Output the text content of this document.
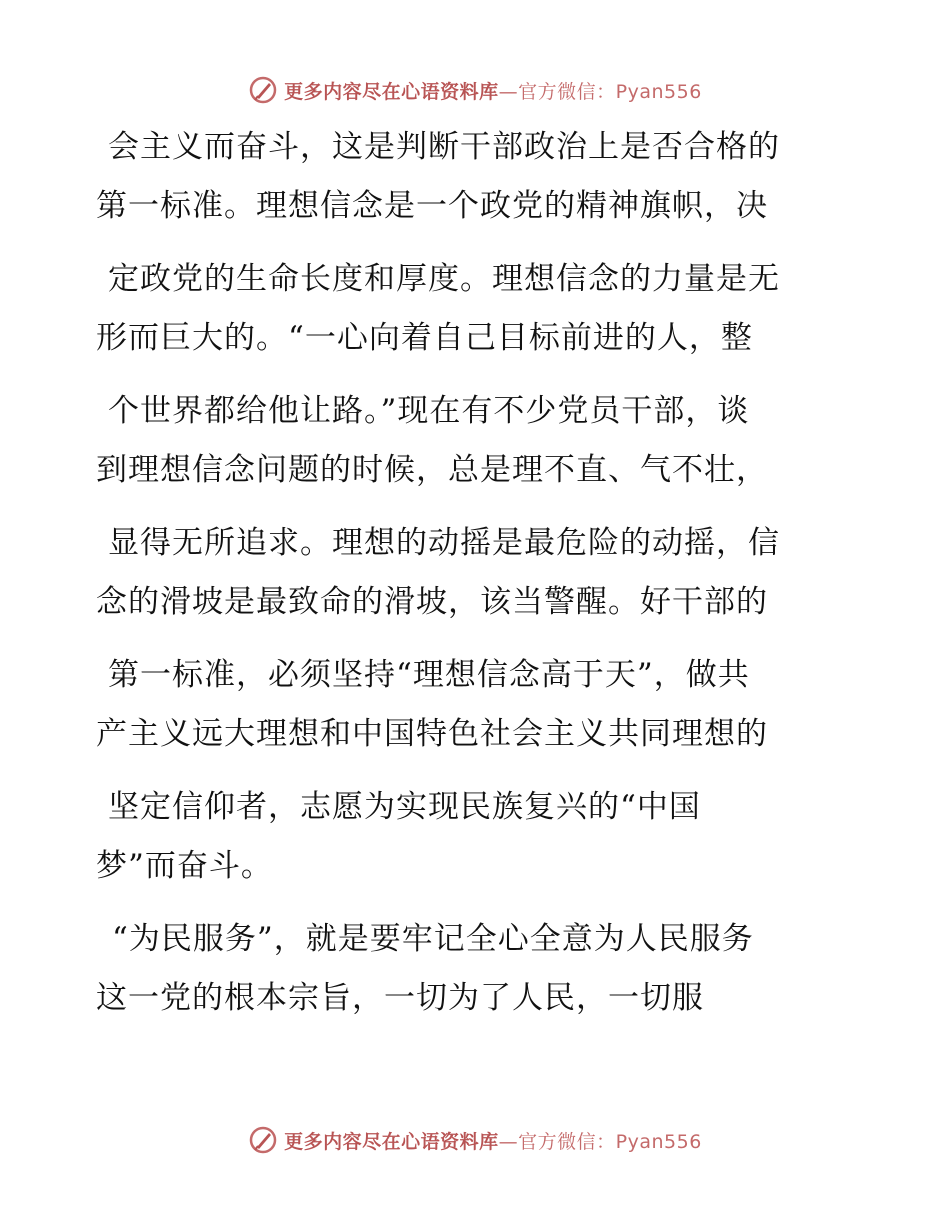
更多内容尽在心语资料库—官方微信：Pyan556
会主义而奋斗，这是判断干部政治上是否合格的
第一标准。理想信念是一个政党的精神旗帜，决
定政党的生命长度和厚度。理想信念的力量是无
形而巨大的。“一心向着自己目标前进的人，整
个世界都给他让路。”现在有不少党员干部，谈
到理想信念问题的时候，总是理不直、气不壮，
显得无所追求。理想的动摇是最危险的动摇，信
念的滑坡是最致命的滑坡，该当警醒。好干部的
第一标准，必须坚持“理想信念高于天”，做共
产主义远大理想和中国特色社会主义共同理想的
坚定信仰者，志愿为实现民族复兴的“中国
梦”而奋斗。
“为民服务”，就是要牢记全心全意为人民服务
这一党的根本宗旨，一切为了人民，一切服
更多内容尽在心语资料库—官方微信：Pyan556
